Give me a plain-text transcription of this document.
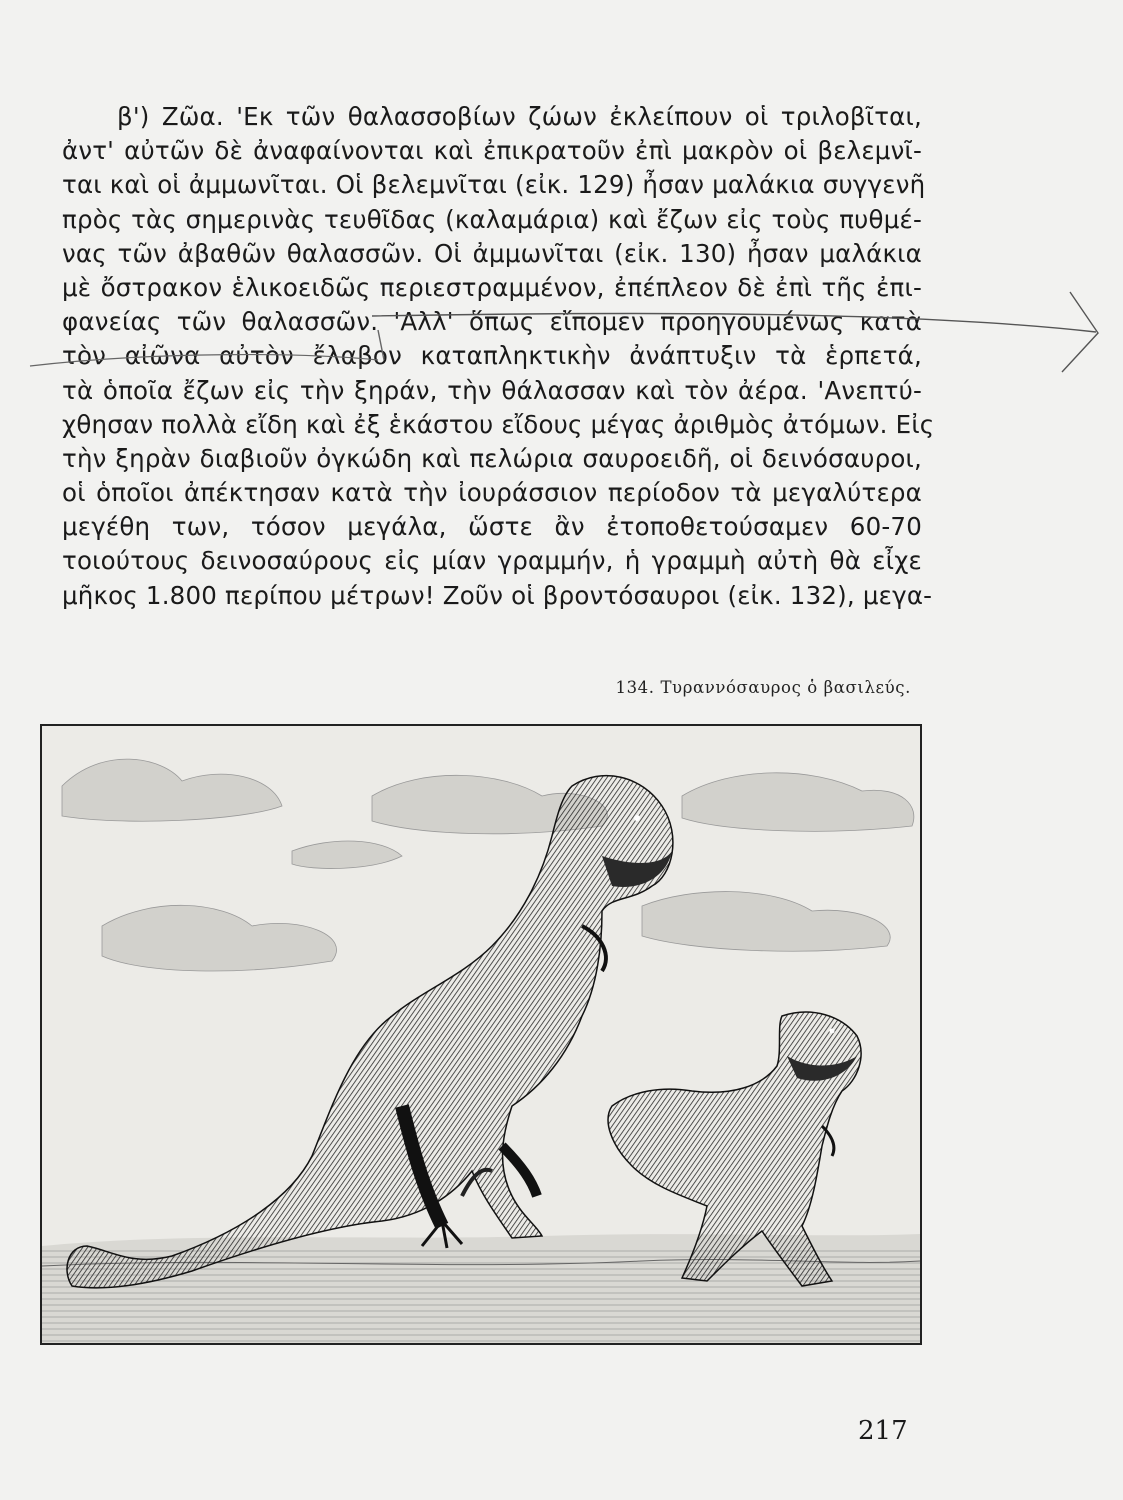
β') Ζῶα. 'Εκ τῶν θαλασσοβίων ζώων ἐκλείπουν οἱ τριλοβῖται,
ἀντ' αὐτῶν δὲ ἀναφαίνονται καὶ ἐπικρατοῦν ἐπὶ μακρὸν οἱ βελεμνῖ-
ται καὶ οἱ ἀμμωνῖται. Οἱ βελεμνῖται (εἰκ. 129) ἦσαν μαλάκια συγγενῆ
πρὸς τὰς σημερινὰς τευθῖδας (καλαμάρια) καὶ ἔζων εἰς τοὺς πυθμέ-
νας τῶν ἀβαθῶν θαλασσῶν. Οἱ ἀμμωνῖται (εἰκ. 130) ἦσαν μαλάκια
μὲ ὄστρακον ἑλικοειδῶς περιεστραμμένον, ἐπέπλεον δὲ ἐπὶ τῆς ἐπι-
φανείας τῶν θαλασσῶν. 'Αλλ' ὅπως εἴπομεν προηγουμένως κατὰ
τὸν αἰῶνα αὐτὸν ἔλαβον καταπληκτικὴν ἀνάπτυξιν τὰ ἑρπετά,
τὰ ὁποῖα ἔζων εἰς τὴν ξηράν, τὴν θάλασσαν καὶ τὸν ἀέρα. 'Ανεπτύ-
χθησαν πολλὰ εἴδη καὶ ἐξ ἑκάστου εἴδους μέγας ἀριθμὸς ἀτόμων. Εἰς
τὴν ξηρὰν διαβιοῦν ὀγκώδη καὶ πελώρια σαυροειδῆ, οἱ δεινόσαυροι,
οἱ ὁποῖοι ἀπέκτησαν κατὰ τὴν ἰουράσσιον περίοδον τὰ μεγαλύτερα
μεγέθη των, τόσον μεγάλα, ὥστε ἂν ἐτοποθετούσαμεν 60-70
τοιούτους δεινοσαύρους εἰς μίαν γραμμήν, ἡ γραμμὴ αὐτὴ θὰ εἶχε
μῆκος 1.800 περίπου μέτρων! Ζοῦν οἱ βροντόσαυροι (εἰκ. 132), μεγα-
134. Τυραννόσαυρος ὁ βασιλεύς.
217
